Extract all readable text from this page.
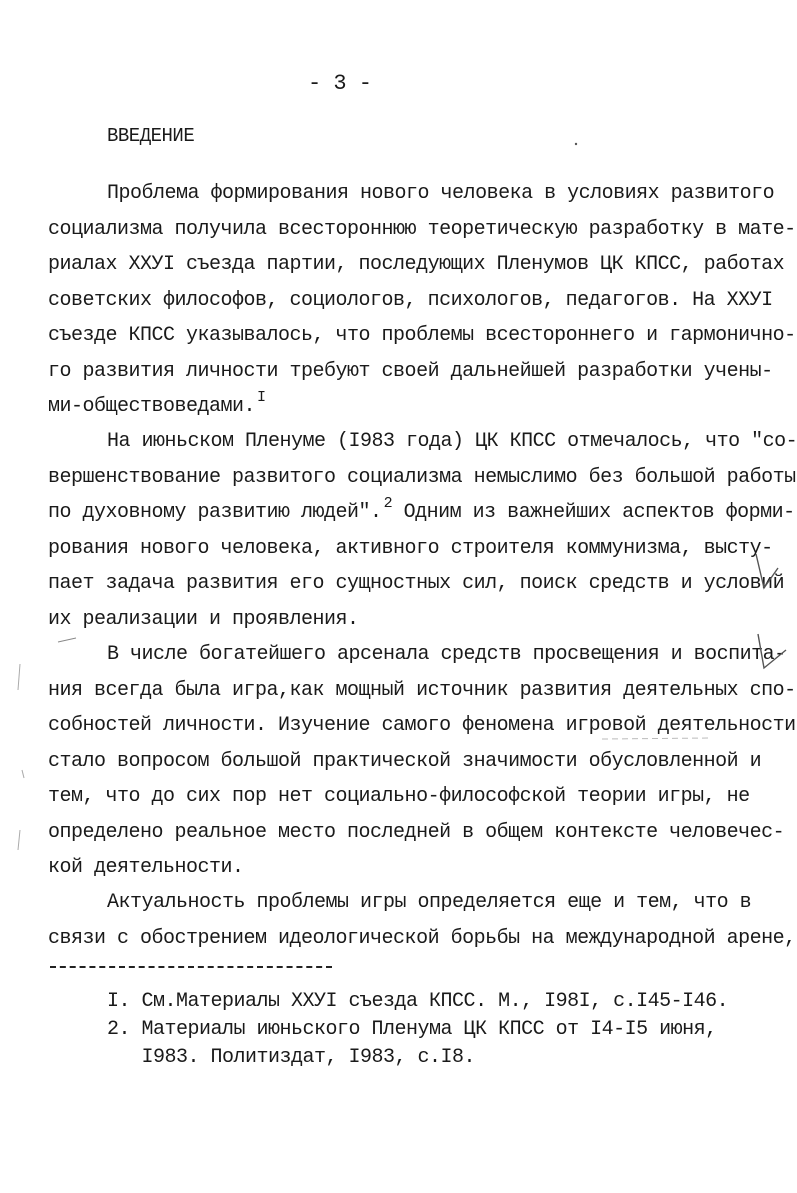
- 3 -
ВВЕДЕНИЕ
Проблема формирования нового человека в условиях развитого
социализма получила всестороннюю теоретическую разработку в мате-
риалах ХХУI съезда партии, последующих Пленумов ЦК КПСС, работах
советских философов, социологов, психологов, педагогов. На ХХУI
съезде КПСС указывалось, что проблемы всестороннего и гармонично-
го развития личности требуют своей дальнейшей разработки учены-
ми-обществоведами. $^I$
На июньском Пленуме (I983 года) ЦК КПСС отмечалось, что "со-
вершенствование развитого социализма немыслимо без большой работы
по духовному развитию людей". $^2$ Одним из важнейших аспектов форми-
рования нового человека, активного строителя коммунизма, высту-
пает задача развития его сущностных сил, поиск средств и условий
их реализации и проявления.
В числе богатейшего арсенала средств просвещения и воспита-
ния всегда была игра,как мощный источник развития деятельных спо-
собностей личности. Изучение самого феномена игровой деятельности
стало вопросом большой практической значимости обусловленной и
тем, что до сих пор нет социально-философской теории игры, не
определено реальное место последней в общем контексте человечес-
кой деятельности.
Актуальность проблемы игры определяется еще и тем, что в
связи с обострением идеологической борьбы на международной арене,
I. См.Материалы ХХУI съезда КПСС. М., I98I, с.I45-I46.
2. Материалы июньского Пленума ЦК КПСС от I4-I5 июня,
I983. Политиздат, I983, с.I8.
